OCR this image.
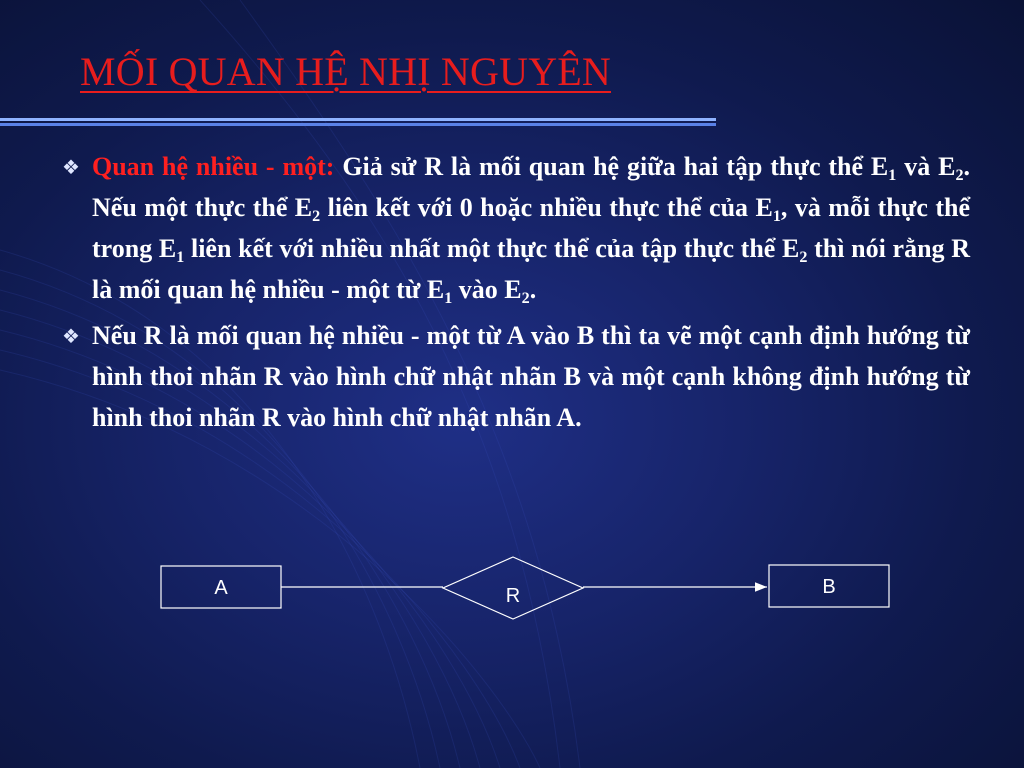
MỐI QUAN HỆ NHỊ NGUYÊN
❖ Quan hệ nhiều - một: Giả sử R là mối quan hệ giữa hai tập thực thể $E_1$ và $E_2$. Nếu một thực thể $E_2$ liên kết với 0 hoặc nhiều thực thể của $E_1$, và mỗi thực thể trong $E_1$ liên kết với nhiều nhất một thực thể của tập thực thể $E_2$ thì nói rằng R là mối quan hệ nhiều - một từ $E_1$ vào $E_2$.
❖ Nếu R là mối quan hệ nhiều - một từ A vào B thì ta vẽ một cạnh định hướng từ hình thoi nhãn R vào hình chữ nhật nhãn B và một cạnh không định hướng từ hình thoi nhãn R vào hình chữ nhật nhãn A.
A	R	B
